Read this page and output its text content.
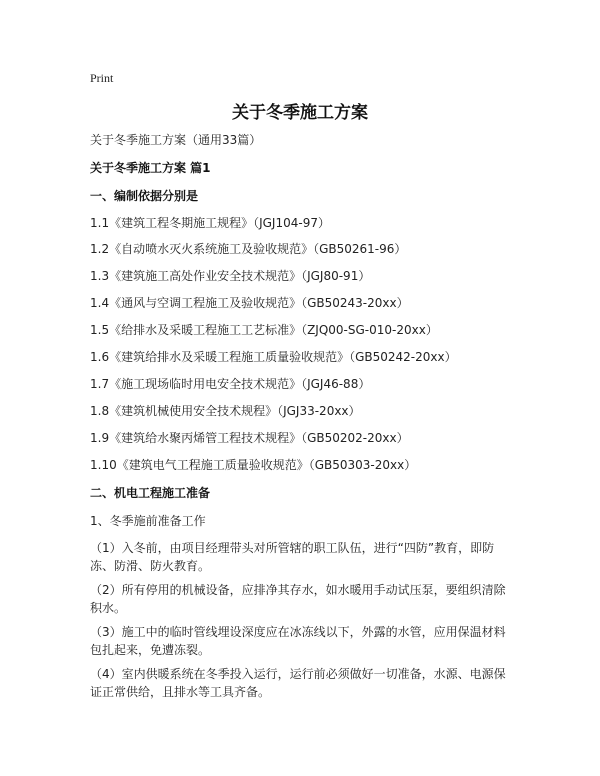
Print
关于冬季施工方案
关于冬季施工方案（通用33篇）
关于冬季施工方案 篇1
一、编制依据分别是
1.1《建筑工程冬期施工规程》（JGJ104-97）
1.2《自动喷水灭火系统施工及验收规范》（GB50261-96）
1.3《建筑施工高处作业安全技术规范》（JGJ80-91）
1.4《通风与空调工程施工及验收规范》（GB50243-20xx）
1.5《给排水及采暖工程施工工艺标准》（ZJQ00-SG-010-20xx）
1.6《建筑给排水及采暖工程施工质量验收规范》（GB50242-20xx）
1.7《施工现场临时用电安全技术规范》（JGJ46-88）
1.8《建筑机械使用安全技术规程》（JGJ33-20xx）
1.9《建筑给水聚丙烯管工程技术规程》（GB50202-20xx）
1.10《建筑电气工程施工质量验收规范》（GB50303-20xx）
二、机电工程施工准备
1、冬季施前准备工作
（1）入冬前，由项目经理带头对所管辖的职工队伍，进行“四防”教育，即防冻、防滑、防火教育。
（2）所有停用的机械设备，应排净其存水，如水暖用手动试压泵，要组织清除积水。
（3）施工中的临时管线埋设深度应在冰冻线以下，外露的水管，应用保温材料包扎起来，免遭冻裂。
（4）室内供暖系统在冬季投入运行，运行前必须做好一切准备，水源、电源保证正常供给，且排水等工具齐备。
